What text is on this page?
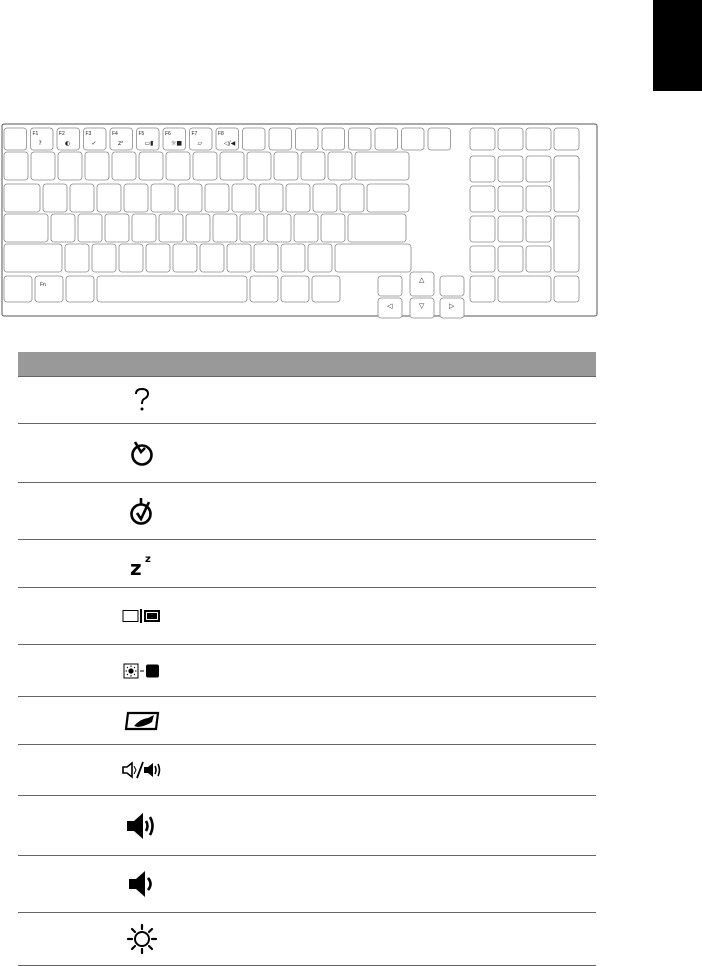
F1	F2	F3	F4	F5	F6	F7	F8
?	◐	✓	zᶻ	▭▮	☼■	▱	◁/◀
Fn
△
◁	▽	▷
z z
